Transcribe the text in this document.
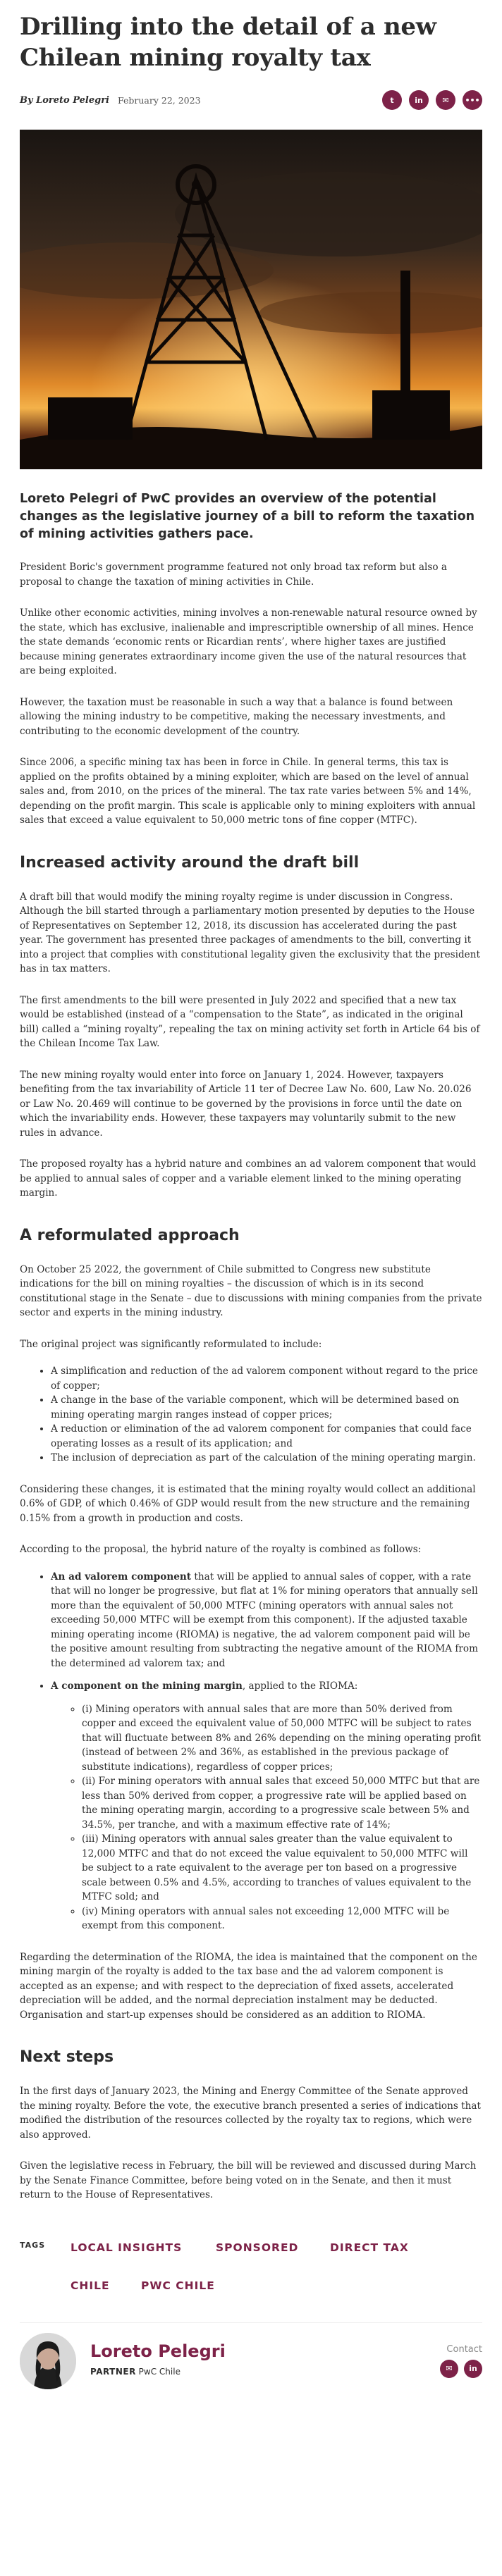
Drilling into the detail of a new Chilean mining royalty tax
By Loreto Pelegri February 22, 2023	t	in	✉	•••

Loreto Pelegri of PwC provides an overview of the potential changes as the legislative journey of a bill to reform the taxation of mining activities gathers pace.

President Boric's government programme featured not only broad tax reform but also a proposal to change the taxation of mining activities in Chile.

Unlike other economic activities, mining involves a non-renewable natural resource owned by the state, which has exclusive, inalienable and imprescriptible ownership of all mines. Hence the state demands ‘economic rents or Ricardian rents’, where higher taxes are justified because mining generates extraordinary income given the use of the natural resources that are being exploited.

However, the taxation must be reasonable in such a way that a balance is found between allowing the mining industry to be competitive, making the necessary investments, and contributing to the economic development of the country.

Since 2006, a specific mining tax has been in force in Chile. In general terms, this tax is applied on the profits obtained by a mining exploiter, which are based on the level of annual sales and, from 2010, on the prices of the mineral. The tax rate varies between 5% and 14%, depending on the profit margin. This scale is applicable only to mining exploiters with annual sales that exceed a value equivalent to 50,000 metric tons of fine copper (MTFC).

Increased activity around the draft bill

A draft bill that would modify the mining royalty regime is under discussion in Congress. Although the bill started through a parliamentary motion presented by deputies to the House of Representatives on September 12, 2018, its discussion has accelerated during the past year. The government has presented three packages of amendments to the bill, converting it into a project that complies with constitutional legality given the exclusivity that the president has in tax matters.

The first amendments to the bill were presented in July 2022 and specified that a new tax would be established (instead of a “compensation to the State”, as indicated in the original bill) called a “mining royalty”, repealing the tax on mining activity set forth in Article 64 bis of the Chilean Income Tax Law.

The new mining royalty would enter into force on January 1, 2024. However, taxpayers benefiting from the tax invariability of Article 11 ter of Decree Law No. 600, Law No. 20.026 or Law No. 20.469 will continue to be governed by the provisions in force until the date on which the invariability ends. However, these taxpayers may voluntarily submit to the new rules in advance.

The proposed royalty has a hybrid nature and combines an ad valorem component that would be applied to annual sales of copper and a variable element linked to the mining operating margin.

A reformulated approach

On October 25 2022, the government of Chile submitted to Congress new substitute indications for the bill on mining royalties – the discussion of which is in its second constitutional stage in the Senate – due to discussions with mining companies from the private sector and experts in the mining industry.

The original project was significantly reformulated to include:

• A simplification and reduction of the ad valorem component without regard to the price of copper;
• A change in the base of the variable component, which will be determined based on mining operating margin ranges instead of copper prices;
• A reduction or elimination of the ad valorem component for companies that could face operating losses as a result of its application; and
• The inclusion of depreciation as part of the calculation of the mining operating margin.

Considering these changes, it is estimated that the mining royalty would collect an additional 0.6% of GDP, of which 0.46% of GDP would result from the new structure and the remaining 0.15% from a growth in production and costs.

According to the proposal, the hybrid nature of the royalty is combined as follows:

• An ad valorem component that will be applied to annual sales of copper, with a rate that will no longer be progressive, but flat at 1% for mining operators that annually sell more than the equivalent of 50,000 MTFC (mining operators with annual sales not exceeding 50,000 MTFC will be exempt from this component). If the adjusted taxable mining operating income (RIOMA) is negative, the ad valorem component paid will be the positive amount resulting from subtracting the negative amount of the RIOMA from the determined ad valorem tax; and
• A component on the mining margin, applied to the RIOMA:
◦ (i) Mining operators with annual sales that are more than 50% derived from copper and exceed the equivalent value of 50,000 MTFC will be subject to rates that will fluctuate between 8% and 26% depending on the mining operating profit (instead of between 2% and 36%, as established in the previous package of substitute indications), regardless of copper prices;
◦ (ii) For mining operators with annual sales that exceed 50,000 MTFC but that are less than 50% derived from copper, a progressive rate will be applied based on the mining operating margin, according to a progressive scale between 5% and 34.5%, per tranche, and with a maximum effective rate of 14%;
◦ (iii) Mining operators with annual sales greater than the value equivalent to 12,000 MTFC and that do not exceed the value equivalent to 50,000 MTFC will be subject to a rate equivalent to the average per ton based on a progressive scale between 0.5% and 4.5%, according to tranches of values equivalent to the MTFC sold; and
◦ (iv) Mining operators with annual sales not exceeding 12,000 MTFC will be exempt from this component.

Regarding the determination of the RIOMA, the idea is maintained that the component on the mining margin of the royalty is added to the tax base and the ad valorem component is accepted as an expense; and with respect to the depreciation of fixed assets, accelerated depreciation will be added, and the normal depreciation instalment may be deducted. Organisation and start-up expenses should be considered as an addition to RIOMA.

Next steps

In the first days of January 2023, the Mining and Energy Committee of the Senate approved the mining royalty. Before the vote, the executive branch presented a series of indications that modified the distribution of the resources collected by the royalty tax to regions, which were also approved.

Given the legislative recess in February, the bill will be reviewed and discussed during March by the Senate Finance Committee, before being voted on in the Senate, and then it must return to the House of Representatives.

TAGS LOCAL INSIGHTS	SPONSORED	DIRECT TAX
CHILE	PWC CHILE
Loreto Pelegri
PARTNER PwC Chile
Contact
✉	in
